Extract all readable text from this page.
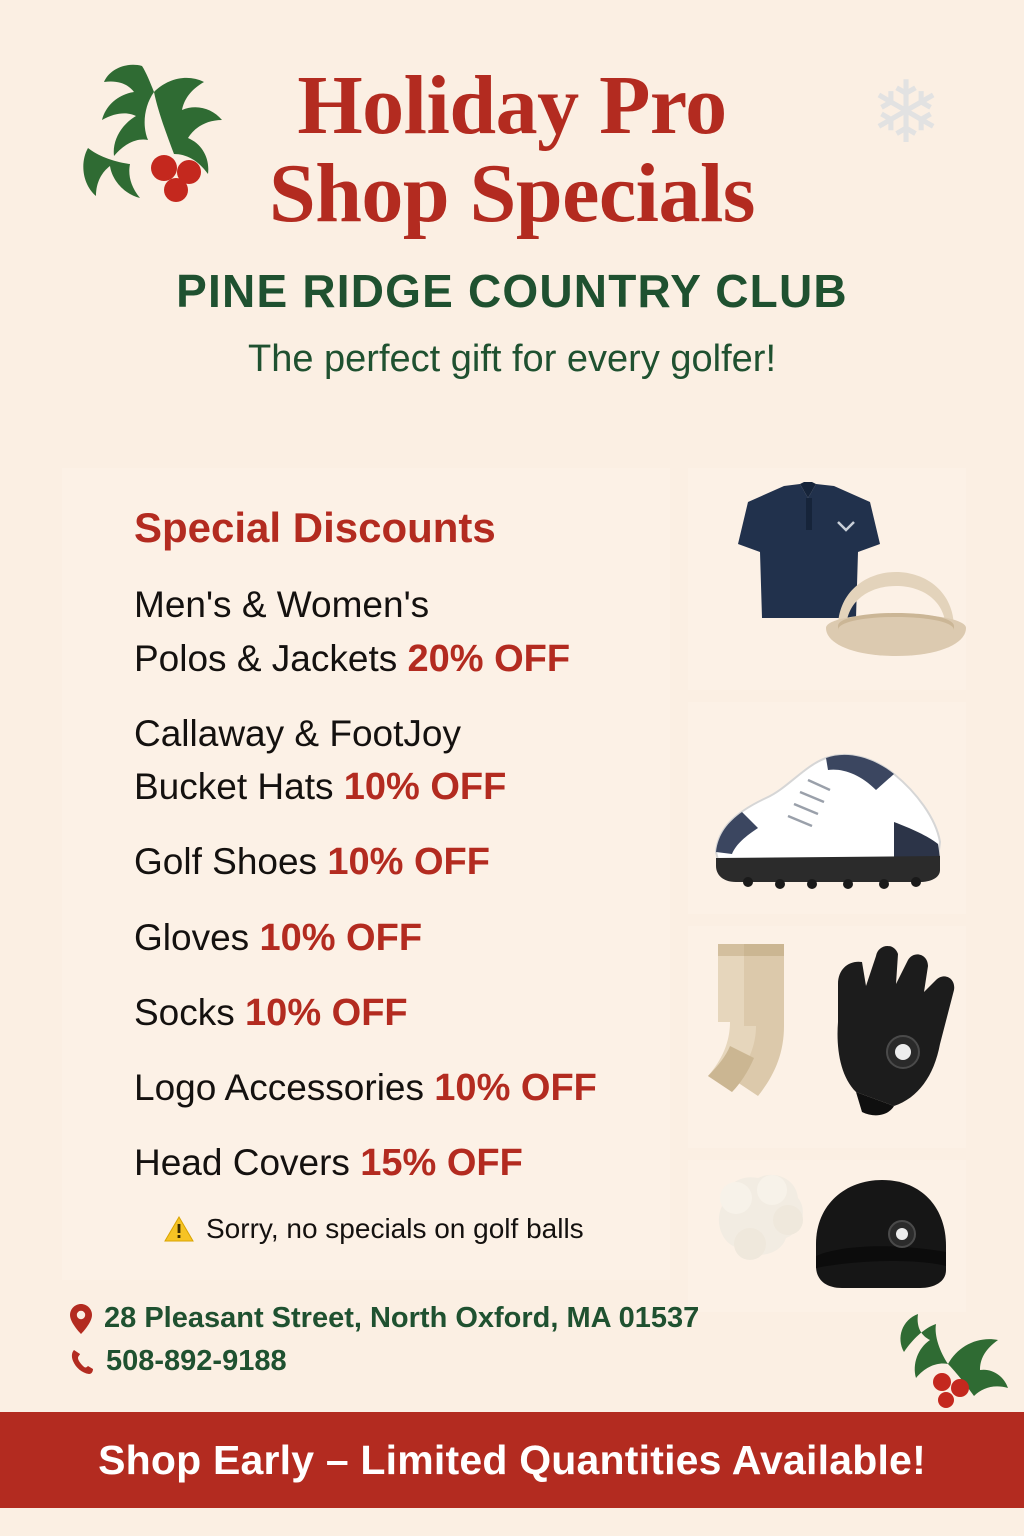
❄
Holiday Pro
Shop Specials
PINE RIDGE COUNTRY CLUB
The perfect gift for every golfer!
Special Discounts
Men's & Women's
Polos & Jackets 20% OFF
Callaway & FootJoy
Bucket Hats 10% OFF
Golf Shoes 10% OFF
Gloves 10% OFF
Socks 10% OFF
Logo Accessories 10% OFF
Head Covers 15% OFF
Sorry, no specials on golf balls
28 Pleasant Street, North Oxford, MA 01537
508-892-9188
Shop Early – Limited Quantities Available!
